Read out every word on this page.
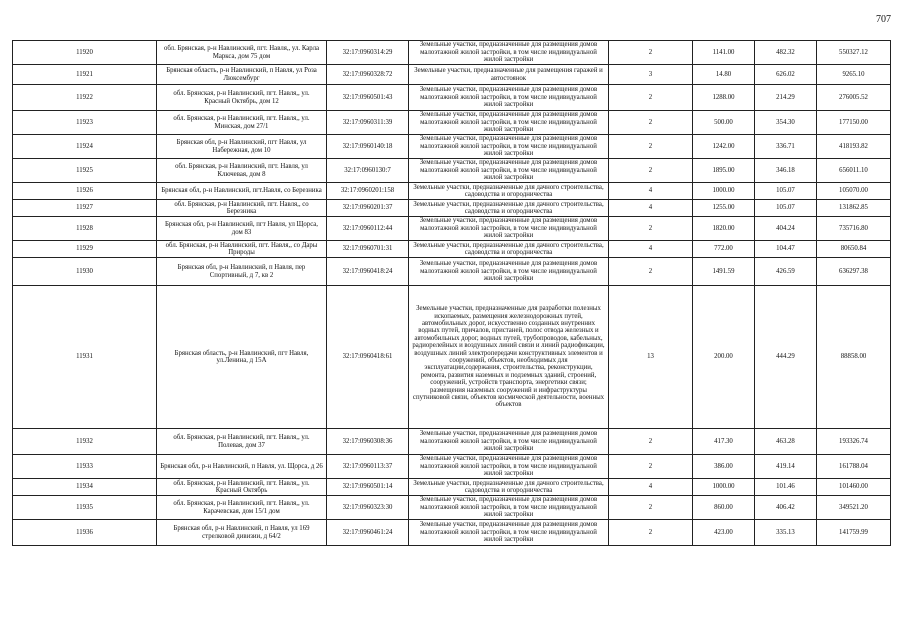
707
11920	обл. Брянская, р-н Навлинский, пгт. Навля,, ул. Карла Маркса, дом 75 дом	32:17:0960314:29	Земельные участки, предназначенные для размещения домов малоэтажной жилой застройки, в том числе индивидуальной жилой застройки	2	1141.00	482.32	550327.12
11921	Брянская область, р-н Навлинский, п Навля, ул Роза Люксембург	32:17:0960328:72	Земельные участки, предназначенные для размещения гаражей и автостоянок	3	14.80	626.02	9265.10
11922	обл. Брянская, р-н Навлинский, пгт. Навля,, ул. Красный Октябрь, дом 12	32:17:0960501:43	Земельные участки, предназначенные для размещения домов малоэтажной жилой застройки, в том числе индивидуальной жилой застройки	2	1288.00	214.29	276005.52
11923	обл. Брянская, р-н Навлинский, пгт. Навля,, ул. Минская, дом 27/1	32:17:0960311:39	Земельные участки, предназначенные для размещения домов малоэтажной жилой застройки, в том числе индивидуальной жилой застройки	2	500.00	354.30	177150.00
11924	Брянская обл, р-н Навлинский, пгт Навля, ул Набережная, дом 10	32:17:0960140:18	Земельные участки, предназначенные для размещения домов малоэтажной жилой застройки, в том числе индивидуальной жилой застройки	2	1242.00	336.71	418193.82
11925	обл. Брянская, р-н Навлинский, пгт. Навля, ул Ключевая, дом 8	32:17:0960130:7	Земельные участки, предназначенные для размещения домов малоэтажной жилой застройки, в том числе индивидуальной жилой застройки	2	1895.00	346.18	656011.10
11926	Брянская обл, р-н Навлинский, пгт.Навля, со Березника	32:17:0960201:158	Земельные участки, предназначенные для дачного строительства, садоводства и огородничества	4	1000.00	105.07	105070.00
11927	обл. Брянская, р-н Навлинский, пгт. Навля,, со Березника	32:17:0960201:37	Земельные участки, предназначенные для дачного строительства, садоводства и огородничества	4	1255.00	105.07	131862.85
11928	Брянская обл, р-н Навлинский, пгт Навля, ул Щорса, дом 83	32:17:0960112:44	Земельные участки, предназначенные для размещения домов малоэтажной жилой застройки, в том числе индивидуальной жилой застройки	2	1820.00	404.24	735716.80
11929	обл. Брянская, р-н Навлинский, пгт. Навля,, со Дары Природы	32:17:0960701:31	Земельные участки, предназначенные для дачного строительства, садоводства и огородничества	4	772.00	104.47	80650.84
11930	Брянская обл, р-н Навлинский, п Навля, пер Спортивный, д 7, кв 2	32:17:0960418:24	Земельные участки, предназначенные для размещения домов малоэтажной жилой застройки, в том числе индивидуальной жилой застройки	2	1491.59	426.59	636297.38
11931	Брянская область, р-н Навлинский, пгт Навля, ул.Ленина, д 15А	32:17:0960418:61	Земельные участки, предназначенные для разработки полезных ископаемых, размещения железнодорожных путей, автомобильных дорог, искусственно созданных внутренних водных путей, причалов, пристаней, полос отвода железных и автомобильных дорог, водных путей, трубопроводов, кабельных, радиорелейных и воздушных линий связи и линий радиофикации, воздушных линий электропередачи конструктивных элементов и сооружений, объектов, необходимых для эксплуатации,содержания, строительства, реконструкции, ремонта, развития наземных и подземных зданий, строений, сооружений, устройств транспорта, энергетики связи; размещения наземных сооружений и инфраструктуры спутниковой связи, объектов космической деятельности, военных объектов	13	200.00	444.29	88858.00
11932	обл. Брянская, р-н Навлинский, пгт. Навля,, ул. Полевая, дом 37	32:17:0960308:36	Земельные участки, предназначенные для размещения домов малоэтажной жилой застройки, в том числе индивидуальной жилой застройки	2	417.30	463.28	193326.74
11933	Брянская обл, р-н Навлинский, п Навля, ул. Щорса, д 26	32:17:0960113:37	Земельные участки, предназначенные для размещения домов малоэтажной жилой застройки, в том числе индивидуальной жилой застройки	2	386.00	419.14	161788.04
11934	обл. Брянская, р-н Навлинский, пгт. Навля,, ул. Красный Октябрь	32:17:0960501:14	Земельные участки, предназначенные для дачного строительства, садоводства и огородничества	4	1000.00	101.46	101460.00
11935	обл. Брянская, р-н Навлинский, пгт. Навля,, ул. Карачевская, дом 15/1 дом	32:17:0960323:30	Земельные участки, предназначенные для размещения домов малоэтажной жилой застройки, в том числе индивидуальной жилой застройки	2	860.00	406.42	349521.20
11936	Брянская обл, р-н Навлинский, п Навля, ул 169 стрелковой дивизии, д 64/2	32:17:0960461:24	Земельные участки, предназначенные для размещения домов малоэтажной жилой застройки, в том числе индивидуальной жилой застройки	2	423.00	335.13	141759.99
